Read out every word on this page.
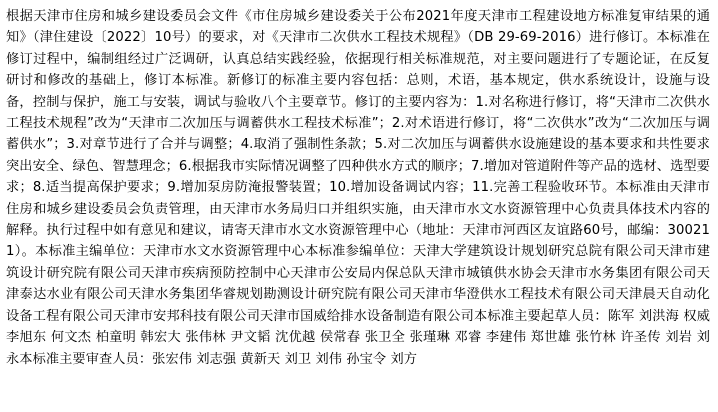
根据天津市住房和城乡建设委员会文件《市住房城乡建设委关于公布2021年度天津市工程建设地方标准复审结果的通知》（津住建设〔2022〕10号）的要求，对《天津市二次供水工程技术规程》（DB 29-69-2016）进行修订。本标准在修订过程中，编制组经过广泛调研，认真总结实践经验，依据现行相关标准规范，对主要问题进行了专题论证，在反复研讨和修改的基础上，修订本标准。新修订的标准主要内容包括：总则，术语，基本规定，供水系统设计，设施与设备，控制与保护，施工与安装，调试与验收八个主要章节。修订的主要内容为：1.对名称进行修订，将“天津市二次供水工程技术规程”改为“天津市二次加压与调蓄供水工程技术标准”；2.对术语进行修订，将“二次供水”改为“二次加压与调蓄供水”；3.对章节进行了合并与调整；4.取消了强制性条款；5.对二次加压与调蓄供水设施建设的基本要求和共性要求突出安全、绿色、智慧理念；6.根据我市实际情况调整了四种供水方式的顺序；7.增加对管道附件等产品的选材、选型要求；8.适当提高保护要求；9.增加泵房防淹报警装置；10.增加设备调试内容；11.完善工程验收环节。本标准由天津市住房和城乡建设委员会负责管理，由天津市水务局归口并组织实施，由天津市水文水资源管理中心负责具体技术内容的解释。执行过程中如有意见和建议，请寄天津市水文水资源管理中心（地址：天津市河西区友谊路60号，邮编：300211）。本标准主编单位：天津市水文水资源管理中心本标准参编单位：天津大学建筑设计规划研究总院有限公司天津市建筑设计研究院有限公司天津市疾病预防控制中心天津市公安局内保总队天津市城镇供水协会天津市水务集团有限公司天津泰达水业有限公司天津水务集团华睿规划勘测设计研究院有限公司天津市华澄供水工程技术有限公司天津晨天自动化设备工程有限公司天津市安邦科技有限公司天津市国威给排水设备制造有限公司本标准主要起草人员：陈军 刘洪海 权威 李旭东 何文杰 柏童明 韩宏大 张伟林 尹文韬 沈优越 侯常春 张卫全 张瑾琳 邓睿 李建伟 郑世雄 张竹林 许圣传 刘岩 刘永本标准主要审查人员：张宏伟 刘志强 黄新天 刘卫 刘伟 孙宝令 刘方
